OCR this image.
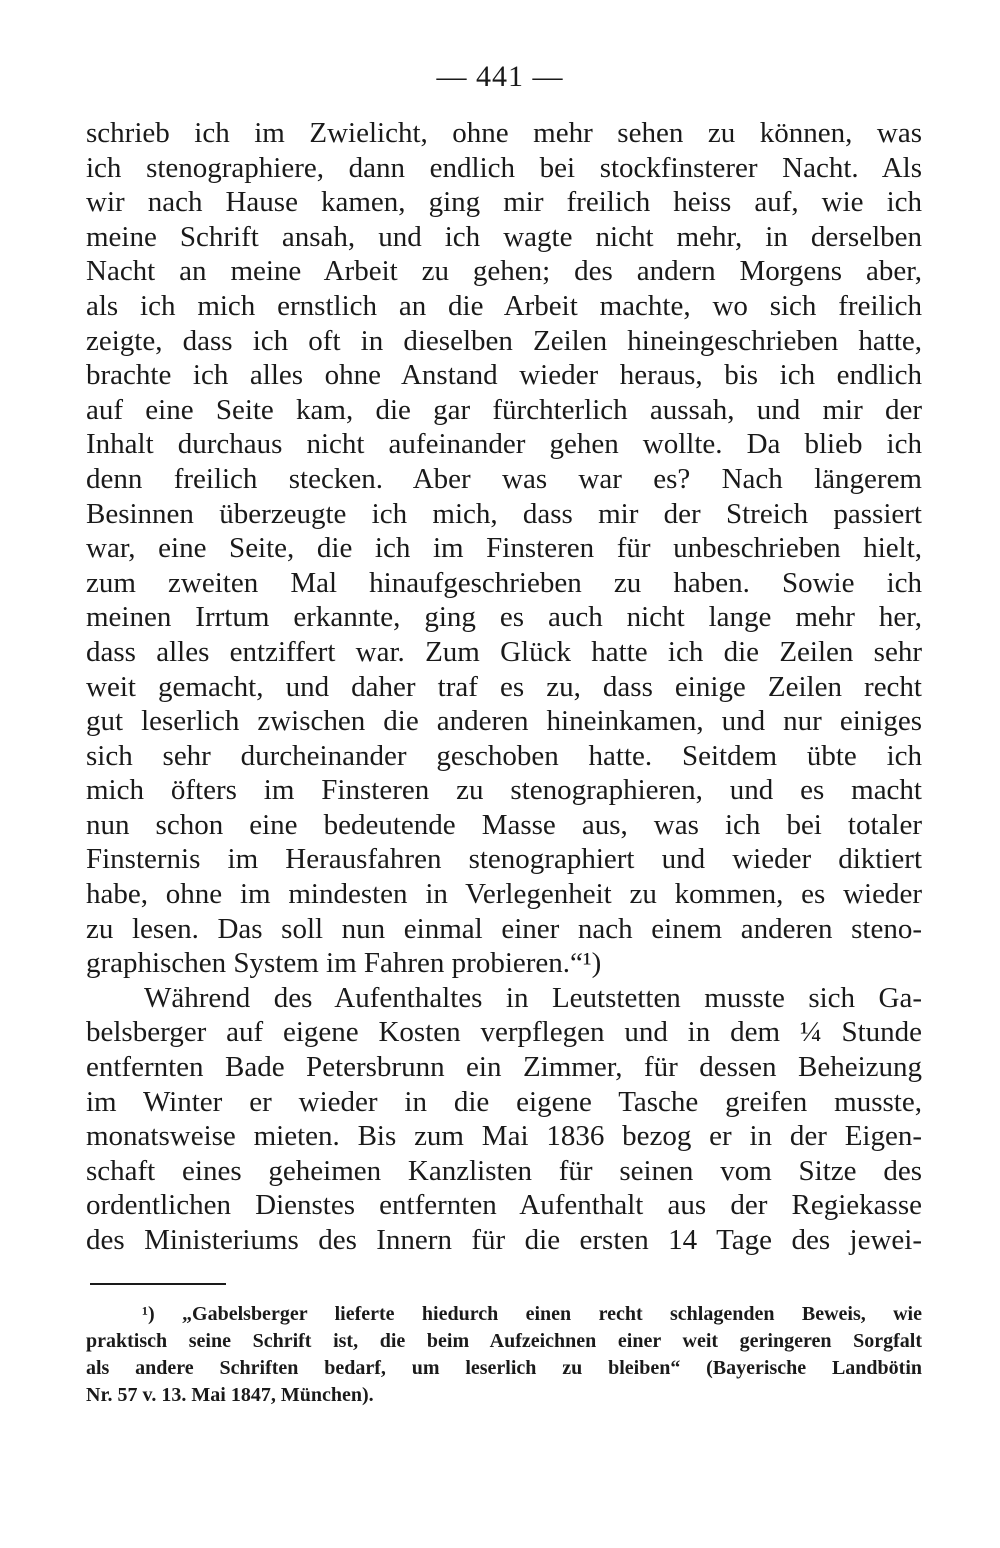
— 441 —
schrieb ich im Zwielicht, ohne mehr sehen zu können, was
ich stenographiere, dann endlich bei stockfinsterer Nacht. Als
wir nach Hause kamen, ging mir freilich heiss auf, wie ich
meine Schrift ansah, und ich wagte nicht mehr, in derselben
Nacht an meine Arbeit zu gehen; des andern Morgens aber,
als ich mich ernstlich an die Arbeit machte, wo sich freilich
zeigte, dass ich oft in dieselben Zeilen hineingeschrieben hatte,
brachte ich alles ohne Anstand wieder heraus, bis ich endlich
auf eine Seite kam, die gar fürchterlich aussah, und mir der
Inhalt durchaus nicht aufeinander gehen wollte. Da blieb ich
denn freilich stecken. Aber was war es? Nach längerem
Besinnen überzeugte ich mich, dass mir der Streich passiert
war, eine Seite, die ich im Finsteren für unbeschrieben hielt,
zum zweiten Mal hinaufgeschrieben zu haben. Sowie ich
meinen Irrtum erkannte, ging es auch nicht lange mehr her,
dass alles entziffert war. Zum Glück hatte ich die Zeilen sehr
weit gemacht, und daher traf es zu, dass einige Zeilen recht
gut leserlich zwischen die anderen hineinkamen, und nur einiges
sich sehr durcheinander geschoben hatte. Seitdem übte ich
mich öfters im Finsteren zu stenographieren, und es macht
nun schon eine bedeutende Masse aus, was ich bei totaler
Finsternis im Herausfahren stenographiert und wieder diktiert
habe, ohne im mindesten in Verlegenheit zu kommen, es wieder
zu lesen. Das soll nun einmal einer nach einem anderen steno-
graphischen System im Fahren probieren.“¹)
Während des Aufenthaltes in Leutstetten musste sich Ga-
belsberger auf eigene Kosten verpflegen und in dem ¼ Stunde
entfernten Bade Petersbrunn ein Zimmer, für dessen Beheizung
im Winter er wieder in die eigene Tasche greifen musste,
monatsweise mieten. Bis zum Mai 1836 bezog er in der Eigen-
schaft eines geheimen Kanzlisten für seinen vom Sitze des
ordentlichen Dienstes entfernten Aufenthalt aus der Regiekasse
des Ministeriums des Innern für die ersten 14 Tage des jewei-
¹) „Gabelsberger lieferte hiedurch einen recht schlagenden Beweis, wie
praktisch seine Schrift ist, die beim Aufzeichnen einer weit geringeren Sorgfalt
als andere Schriften bedarf, um leserlich zu bleiben“ (Bayerische Landbötin
Nr. 57 v. 13. Mai 1847, München).
